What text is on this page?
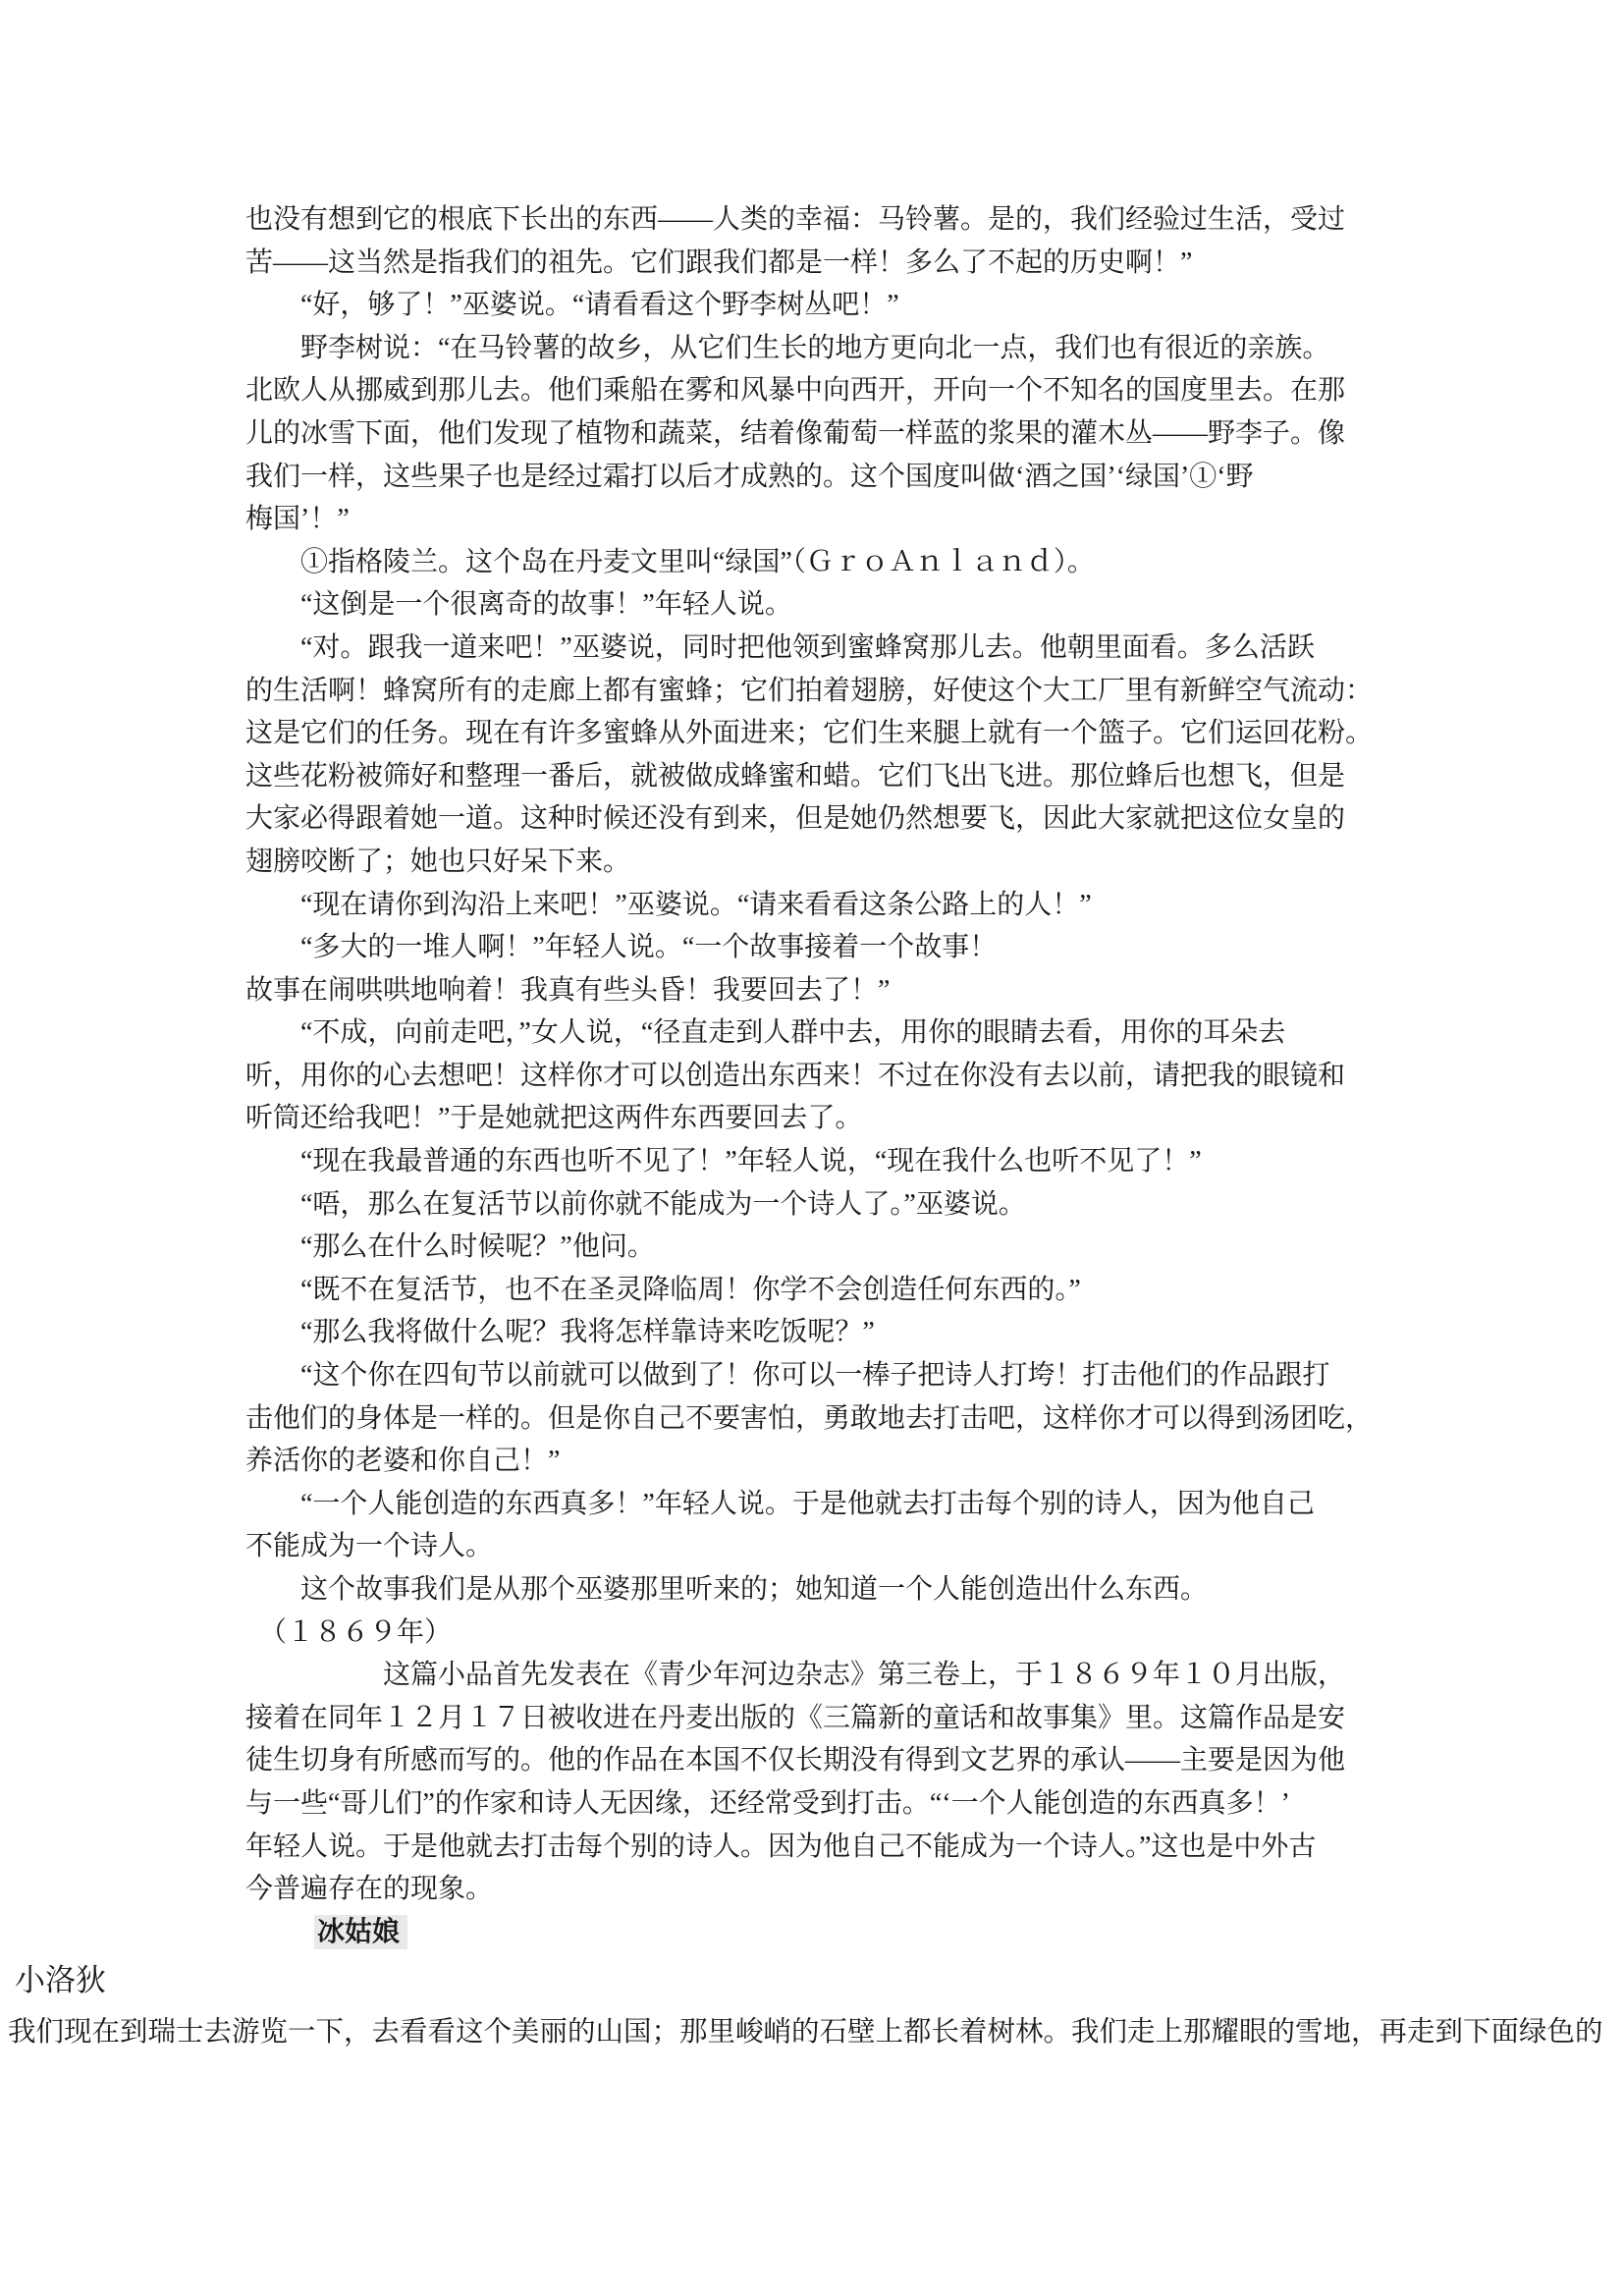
也没有想到它的根底下长出的东西——人类的幸福：马铃薯。是的，我们经验过生活，受过
苦——这当然是指我们的祖先。它们跟我们都是一样！多么了不起的历史啊！”
　　“好，够了！”巫婆说。“请看看这个野李树丛吧！”
　　野李树说：“在马铃薯的故乡，从它们生长的地方更向北一点，我们也有很近的亲族。
北欧人从挪威到那儿去。他们乘船在雾和风暴中向西开，开向一个不知名的国度里去。在那
儿的冰雪下面，他们发现了植物和蔬菜，结着像葡萄一样蓝的浆果的灌木丛——野李子。像
我们一样，这些果子也是经过霜打以后才成熟的。这个国度叫做‘酒之国’‘绿国’①‘野
梅国’！”
　　①指格陵兰。这个岛在丹麦文里叫“绿国”（ＧｒｏＡｎｌａｎｄ）。
　　“这倒是一个很离奇的故事！”年轻人说。
　　“对。跟我一道来吧！”巫婆说，同时把他领到蜜蜂窝那儿去。他朝里面看。多么活跃
的生活啊！蜂窝所有的走廊上都有蜜蜂；它们拍着翅膀，好使这个大工厂里有新鲜空气流动：
这是它们的任务。现在有许多蜜蜂从外面进来；它们生来腿上就有一个篮子。它们运回花粉。
这些花粉被筛好和整理一番后，就被做成蜂蜜和蜡。它们飞出飞进。那位蜂后也想飞，但是
大家必得跟着她一道。这种时候还没有到来，但是她仍然想要飞，因此大家就把这位女皇的
翅膀咬断了；她也只好呆下来。
　　“现在请你到沟沿上来吧！”巫婆说。“请来看看这条公路上的人！”
　　“多大的一堆人啊！”年轻人说。“一个故事接着一个故事！
故事在闹哄哄地响着！我真有些头昏！我要回去了！”
　　“不成，向前走吧，”女人说，“径直走到人群中去，用你的眼睛去看，用你的耳朵去
听，用你的心去想吧！这样你才可以创造出东西来！不过在你没有去以前，请把我的眼镜和
听筒还给我吧！”于是她就把这两件东西要回去了。
　　“现在我最普通的东西也听不见了！”年轻人说，“现在我什么也听不见了！”
　　“唔，那么在复活节以前你就不能成为一个诗人了。”巫婆说。
　　“那么在什么时候呢？”他问。
　　“既不在复活节，也不在圣灵降临周！你学不会创造任何东西的。”
　　“那么我将做什么呢？我将怎样靠诗来吃饭呢？”
　　“这个你在四旬节以前就可以做到了！你可以一棒子把诗人打垮！打击他们的作品跟打
击他们的身体是一样的。但是你自己不要害怕，勇敢地去打击吧，这样你才可以得到汤团吃，
养活你的老婆和你自己！”
　　“一个人能创造的东西真多！”年轻人说。于是他就去打击每个别的诗人，因为他自己
不能成为一个诗人。
　　这个故事我们是从那个巫婆那里听来的；她知道一个人能创造出什么东西。
　（１８６９年）
　　　　　这篇小品首先发表在《青少年河边杂志》第三卷上，于１８６９年１０月出版，
接着在同年１２月１７日被收进在丹麦出版的《三篇新的童话和故事集》里。这篇作品是安
徒生切身有所感而写的。他的作品在本国不仅长期没有得到文艺界的承认——主要是因为他
与一些“哥儿们”的作家和诗人无因缘，还经常受到打击。“‘一个人能创造的东西真多！’
年轻人说。于是他就去打击每个别的诗人。因为他自己不能成为一个诗人。”这也是中外古
今普遍存在的现象。
冰姑娘
小洛狄
我们现在到瑞士去游览一下，去看看这个美丽的山国；那里峻峭的石壁上都长着树林。我们走上那耀眼的雪地，再走到下面绿色的
